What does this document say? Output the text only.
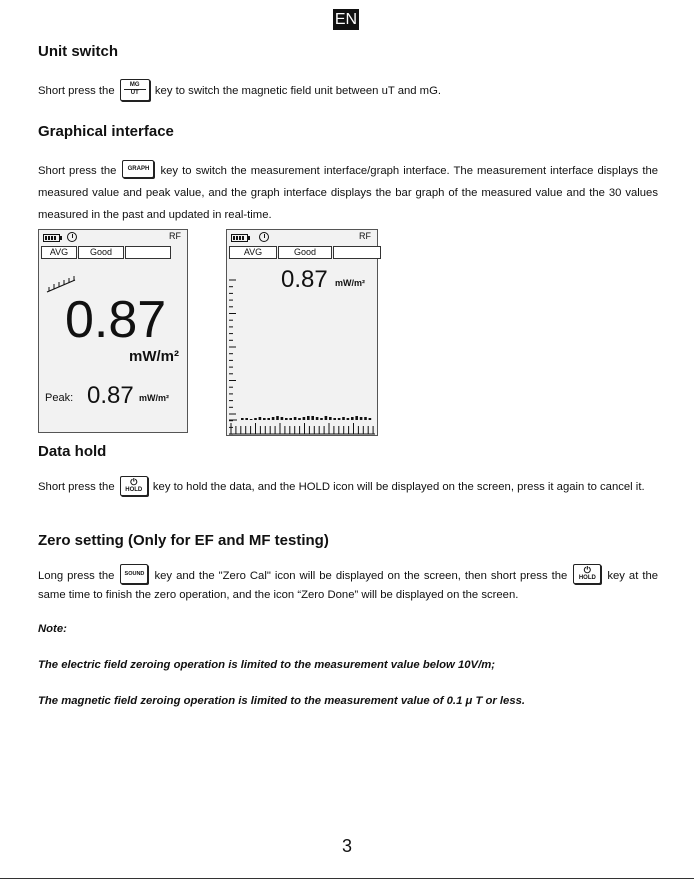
EN
Unit switch
Short press the $\frac{MG}{UT}$ key to switch the magnetic field unit between uT and mG.
Graphical interface
Short press the	GRAPH key to switch the measurement interface/graph interface. The measurement interface displays the measured value and peak value, and the graph interface displays the bar graph of the measured value and the 30 values measured in the past and updated in real-time.
RF
AVG	Good
0.87
mW/m²
Peak: 0.87 mW/m²
RF
AVG	Good
0.87 mW/m²
Data hold
Short press the	⏻
HOLD key to hold the data, and the HOLD icon will be displayed on the screen, press it again to cancel it.
Zero setting (Only for EF and MF testing)
Long press the	SOUND key and the "Zero Cal" icon will be displayed on the screen, then short press the	⏻
HOLD	key at the same time to finish the zero operation, and the icon “Zero Done” will be displayed on the screen.
Note:
The electric field zeroing operation is limited to the measurement value below 10V/m;
The magnetic field zeroing operation is limited to the measurement value of 0.1 μ T or less.
3
